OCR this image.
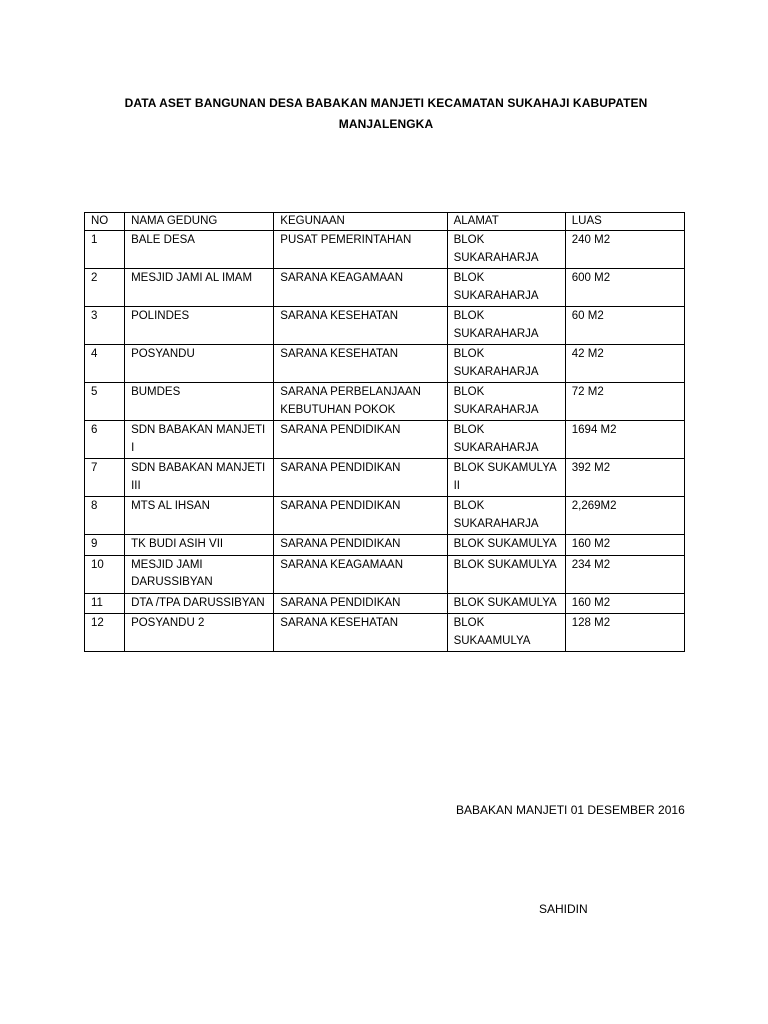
DATA ASET BANGUNAN DESA BABAKAN MANJETI KECAMATAN SUKAHAJI KABUPATEN
MANJALENGKA
NO	NAMA GEDUNG	KEGUNAAN	ALAMAT	LUAS
1	BALE DESA	PUSAT PEMERINTAHAN	BLOK SUKARAHARJA	240 M2
2	MESJID JAMI AL IMAM	SARANA KEAGAMAAN	BLOK SUKARAHARJA	600 M2
3	POLINDES	SARANA KESEHATAN	BLOK SUKARAHARJA	60 M2
4	POSYANDU	SARANA KESEHATAN	BLOK SUKARAHARJA	42 M2
5	BUMDES	SARANA PERBELANJAAN KEBUTUHAN POKOK	BLOK SUKARAHARJA	72 M2
6	SDN BABAKAN MANJETI I	SARANA PENDIDIKAN	BLOK SUKARAHARJA	1694 M2
7	SDN BABAKAN MANJETI III	SARANA PENDIDIKAN	BLOK SUKAMULYA II	392 M2
8	MTS AL IHSAN	SARANA PENDIDIKAN	BLOK SUKARAHARJA	2,269M2
9	TK BUDI ASIH VII	SARANA PENDIDIKAN	BLOK SUKAMULYA	160 M2
10	MESJID JAMI DARUSSIBYAN	SARANA KEAGAMAAN	BLOK SUKAMULYA	234 M2
11	DTA /TPA DARUSSIBYAN	SARANA PENDIDIKAN	BLOK SUKAMULYA	160 M2
12	POSYANDU 2	SARANA KESEHATAN	BLOK SUKAAMULYA	128 M2
BABAKAN MANJETI 01 DESEMBER 2016
SAHIDIN
